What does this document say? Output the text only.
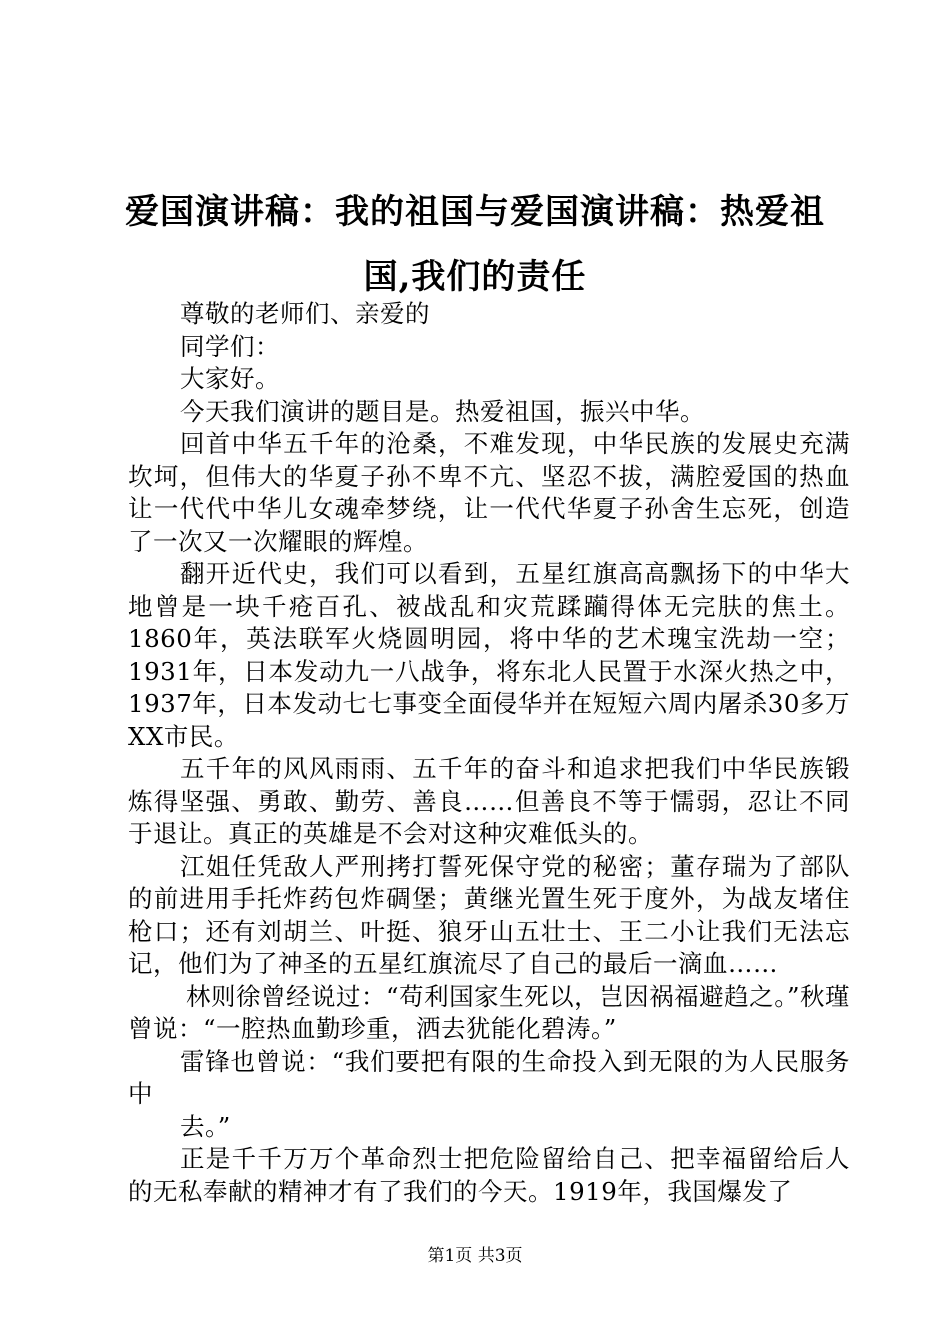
爱国演讲稿：我的祖国与爱国演讲稿：热爱祖
国,我们的责任

尊敬的老师们、亲爱的

同学们：

大家好。

今天我们演讲的题目是。热爱祖国，振兴中华。

回首中华五千年的沧桑，不难发现，中华民族的发展史充满坎坷，但伟大的华夏子孙不卑不亢、坚忍不拔，满腔爱国的热血让一代代中华儿女魂牵梦绕，让一代代华夏子孙舍生忘死，创造了一次又一次耀眼的辉煌。

翻开近代史，我们可以看到，五星红旗高高飘扬下的中华大地曾是一块千疮百孔、被战乱和灾荒蹂躏得体无完肤的焦土。1860年，英法联军火烧圆明园，将中华的艺术瑰宝洗劫一空；1931年，日本发动九一八战争，将东北人民置于水深火热之中，1937年，日本发动七七事变全面侵华并在短短六周内屠杀30多万XX市民。

五千年的风风雨雨、五千年的奋斗和追求把我们中华民族锻炼得坚强、勇敢、勤劳、善良……但善良不等于懦弱，忍让不同于退让。真正的英雄是不会对这种灾难低头的。

江姐任凭敌人严刑拷打誓死保守党的秘密；董存瑞为了部队的前进用手托炸药包炸碉堡；黄继光置生死于度外，为战友堵住枪口；还有刘胡兰、叶挺、狼牙山五壮士、王二小让我们无法忘记，他们为了神圣的五星红旗流尽了自己的最后一滴血……

林则徐曾经说过：“苟利国家生死以，岂因祸福避趋之。”秋瑾曾说：“一腔热血勤珍重，洒去犹能化碧涛。”

雷锋也曾说：“我们要把有限的生命投入到无限的为人民服务中

去。”

正是千千万万个革命烈士把危险留给自己、把幸福留给后人的无私奉献的精神才有了我们的今天。1919年，我国爆发了

第1页 共3页
